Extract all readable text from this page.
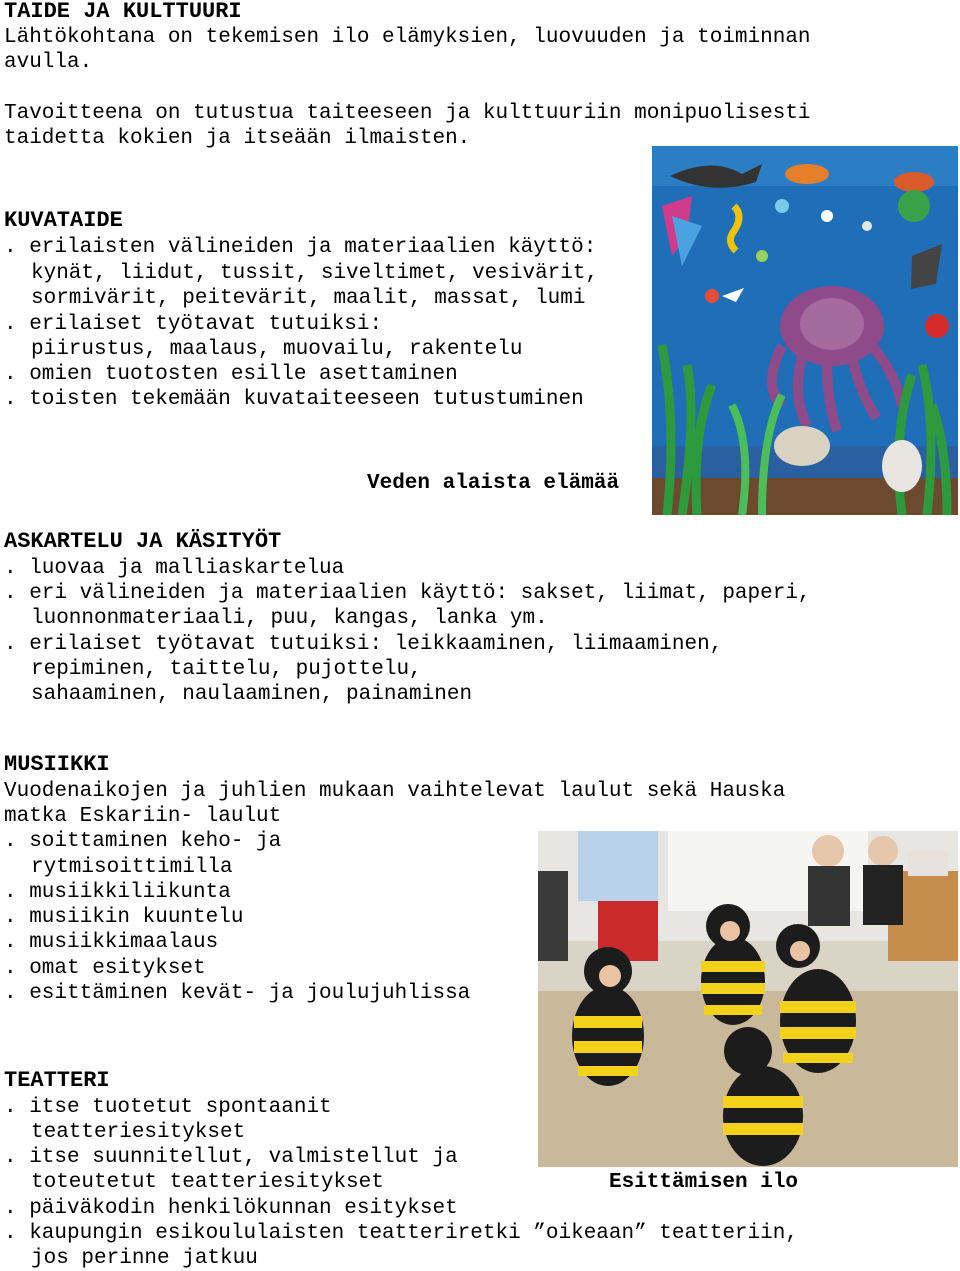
TAIDE JA KULTTUURI
Lähtökohtana on tekemisen ilo elämyksien, luovuuden ja toiminnan
avulla.
Tavoitteena on tutustua taiteeseen ja kulttuuriin monipuolisesti
taidetta kokien ja itseään ilmaisten.
KUVATAIDE
. erilaisten välineiden ja materiaalien käyttö:
kynät, liidut, tussit, siveltimet, vesivärit,
sormivärit, peitevärit, maalit, massat, lumi
. erilaiset työtavat tutuiksi:
piirustus, maalaus, muovailu, rakentelu
. omien tuotosten esille asettaminen
. toisten tekemään kuvataiteeseen tutustuminen
Veden alaista elämää
ASKARTELU JA KÄSITYÖT
. luovaa ja malliaskartelua
. eri välineiden ja materiaalien käyttö: sakset, liimat, paperi,
luonnonmateriaali, puu, kangas, lanka ym.
. erilaiset työtavat tutuiksi: leikkaaminen, liimaaminen,
repiminen, taittelu, pujottelu,
sahaaminen, naulaaminen, painaminen
MUSIIKKI
Vuodenaikojen ja juhlien mukaan vaihtelevat laulut sekä Hauska
matka Eskariin- laulut
. soittaminen keho- ja
rytmisoittimilla
. musiikkiliikunta
. musiikin kuuntelu
. musiikkimaalaus
. omat esitykset
. esittäminen kevät- ja joulujuhlissa
Esittämisen ilo
TEATTERI
. itse tuotetut spontaanit
teatteriesitykset
. itse suunnitellut, valmistellut ja
toteutetut teatteriesitykset
. päiväkodin henkilökunnan esitykset
. kaupungin esikoululaisten teatteriretki ”oikeaan” teatteriin,
jos perinne jatkuu
